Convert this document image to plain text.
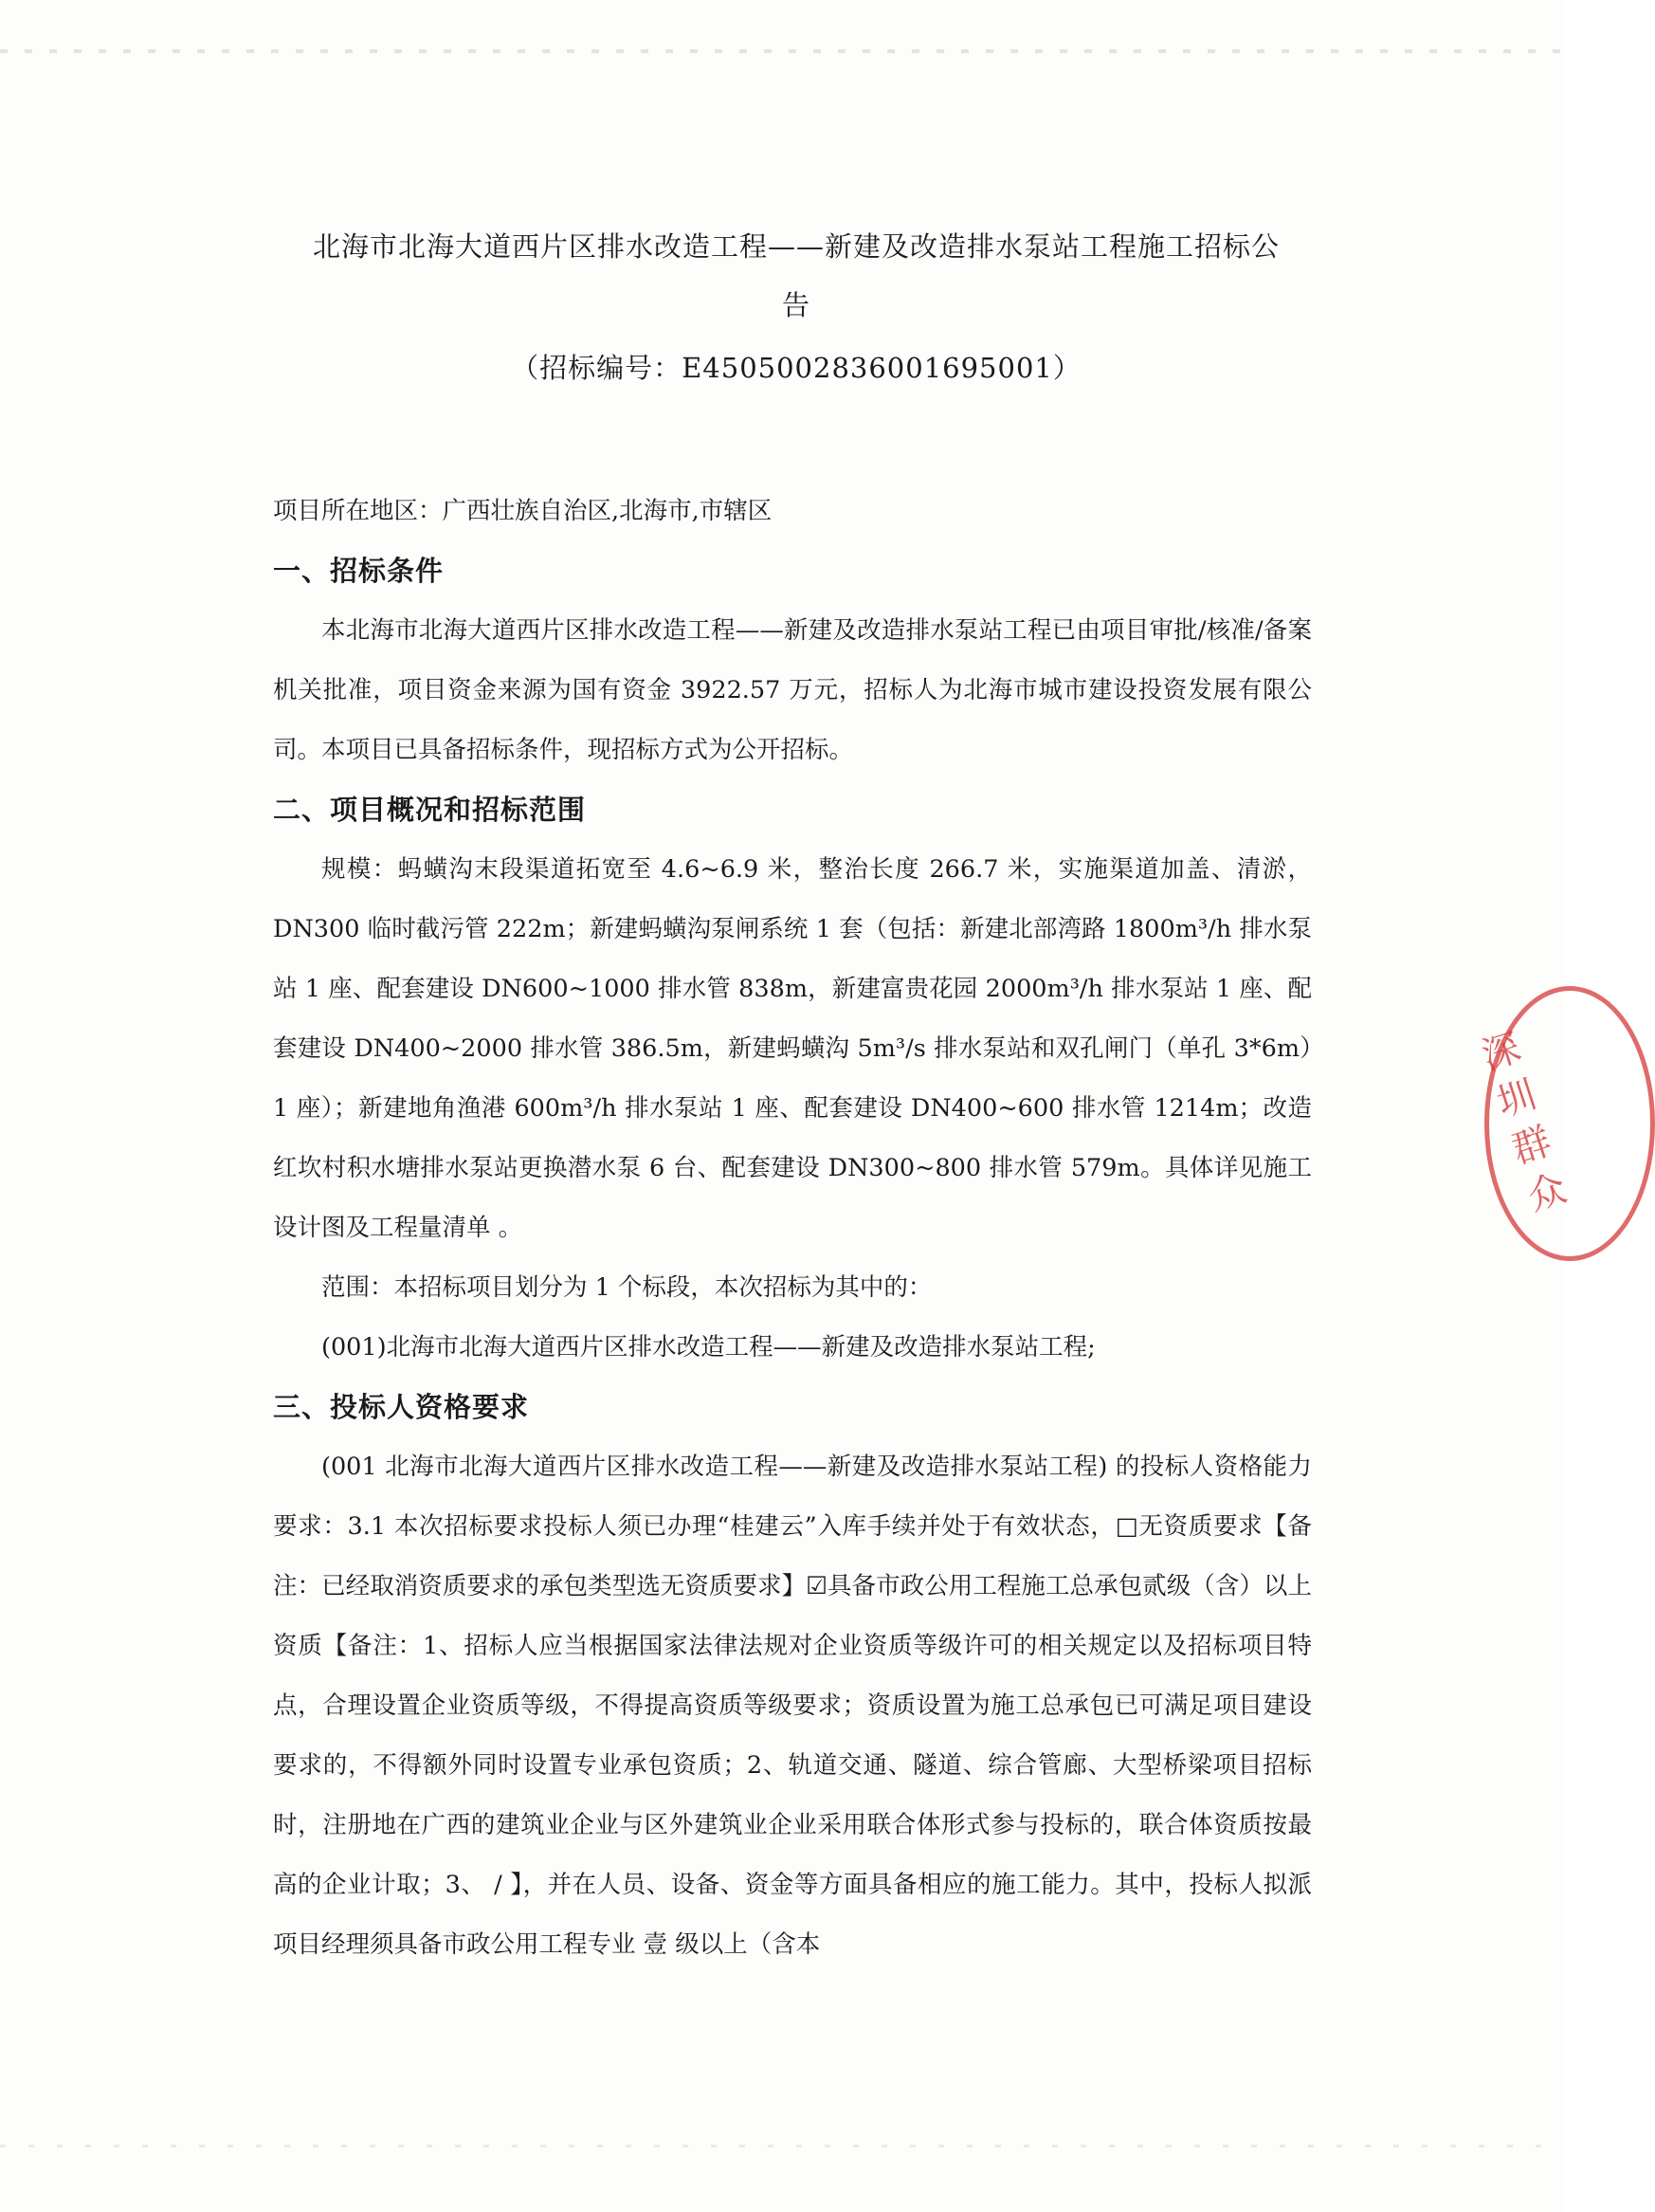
北海市北海大道西片区排水改造工程——新建及改造排水泵站工程施工招标公
告
（招标编号：E4505002836001695001）

项目所在地区：广西壮族自治区,北海市,市辖区

一、招标条件

本北海市北海大道西片区排水改造工程——新建及改造排水泵站工程已由项目审批/核准/备案机关批准，项目资金来源为国有资金 3922.57 万元，招标人为北海市城市建设投资发展有限公司。本项目已具备招标条件，现招标方式为公开招标。

二、项目概况和招标范围

规模：蚂蟥沟末段渠道拓宽至 4.6~6.9 米，整治长度 266.7 米，实施渠道加盖、清淤，DN300 临时截污管 222m；新建蚂蟥沟泵闸系统 1 套（包括：新建北部湾路 1800m³/h 排水泵站 1 座、配套建设 DN600~1000 排水管 838m，新建富贵花园 2000m³/h 排水泵站 1 座、配套建设 DN400~2000 排水管 386.5m，新建蚂蟥沟 5m³/s 排水泵站和双孔闸门（单孔 3*6m）1 座）；新建地角渔港 600m³/h 排水泵站 1 座、配套建设 DN400~600 排水管 1214m；改造红坎村积水塘排水泵站更换潜水泵 6 台、配套建设 DN300~800 排水管 579m。具体详见施工设计图及工程量清单 。

范围：本招标项目划分为 1 个标段，本次招标为其中的：

(001)北海市北海大道西片区排水改造工程——新建及改造排水泵站工程;

三、投标人资格要求

(001 北海市北海大道西片区排水改造工程——新建及改造排水泵站工程) 的投标人资格能力要求：3.1 本次招标要求投标人须已办理“桂建云”入库手续并处于有效状态，□无资质要求【备注：已经取消资质要求的承包类型选无资质要求】☑具备市政公用工程施工总承包贰级（含）以上资质【备注：1、招标人应当根据国家法律法规对企业资质等级许可的相关规定以及招标项目特点，合理设置企业资质等级，不得提高资质等级要求；资质设置为施工总承包已可满足项目建设要求的，不得额外同时设置专业承包资质；2、轨道交通、隧道、综合管廊、大型桥梁项目招标时，注册地在广西的建筑业企业与区外建筑业企业采用联合体形式参与投标的，联合体资质按最高的企业计取；3、 / 】，并在人员、设备、资金等方面具备相应的施工能力。其中，投标人拟派项目经理须具备市政公用工程专业 壹 级以上（含本

深圳群众
